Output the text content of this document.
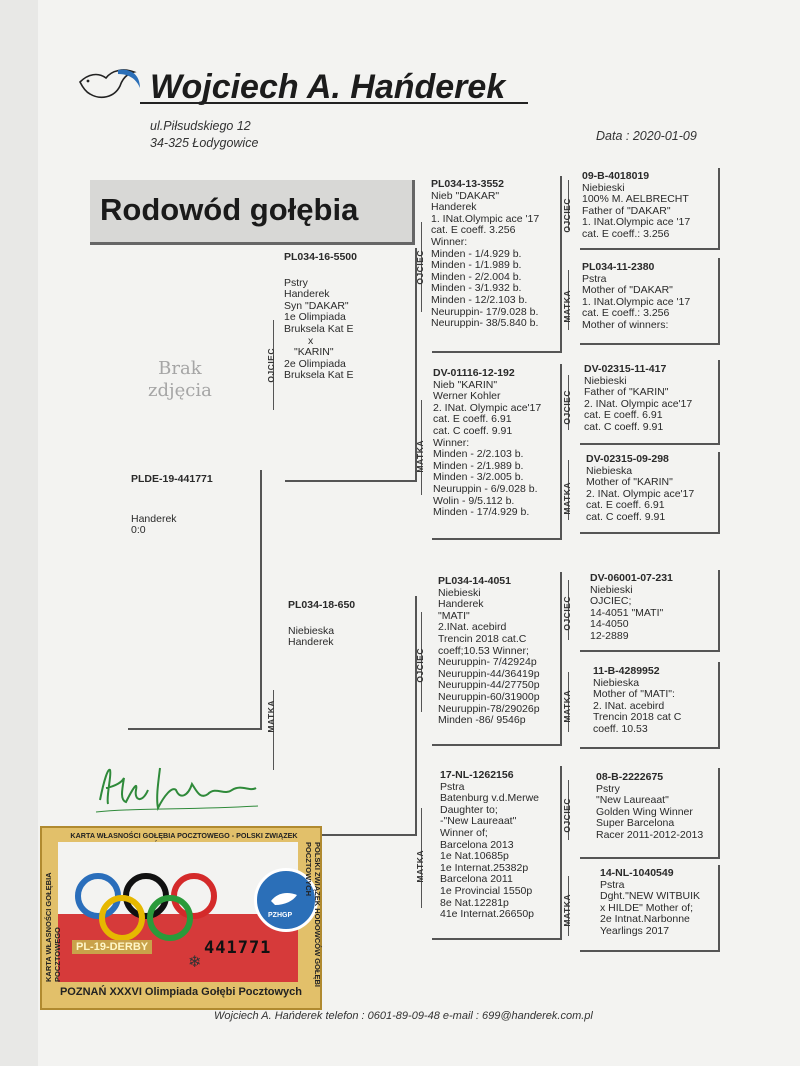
Wojciech A. Hańderek
ul.Piłsudskiego 12
34-325 Łodygowice	Data : 2020-01-09
Rodowód gołębia
Brak
zdjęcia
OJCIEC
MATKA
OJCIEC
MATKA
OJCIEC
MATKA
OJCIEC
MATKA
OJCIEC
MATKA
OJCIEC
MATKA
OJCIEC
MATKA
PLDE-19-441771
Handerek
0:0
PL034-16-5500
Pstry
Handerek
Syn "DAKAR"
1e Olimpiada
Bruksela Kat E
x
"KARIN"
2e Olimpiada
Bruksela Kat E
PL034-18-650
Niebieska
Handerek
PL034-13-3552
Nieb "DAKAR"
Handerek
1. INat.Olympic ace '17
cat. E coeff. 3.256
Winner:
Minden - 1/4.929 b.
Minden - 1/1.989 b.
Minden - 2/2.004 b.
Minden - 3/1.932 b.
Minden - 12/2.103 b.
Neuruppin- 17/9.028 b.
Neuruppin- 38/5.840 b.
DV-01116-12-192
Nieb "KARIN"
Werner Kohler
2. INat. Olympic ace'17
cat. E coeff. 6.91
cat. C coeff. 9.91
Winner:
Minden - 2/2.103 b.
Minden - 2/1.989 b.
Minden - 3/2.005 b.
Neuruppin - 6/9.028 b.
Wolin - 9/5.112 b.
Minden - 17/4.929 b.
PL034-14-4051
Niebieski
Handerek
"MATI"
2.INat. acebird
Trencin 2018 cat.C
coeff;10.53 Winner;
Neuruppin- 7/42924p
Neuruppin-44/36419p
Neuruppin-44/27750p
Neuruppin-60/31900p
Neuruppin-78/29026p
Minden -86/ 9546p
17-NL-1262156
Pstra
Batenburg v.d.Merwe
Daughter to;
-"New Laureaat"
Winner of;
Barcelona 2013
1e Nat.10685p
1e Internat.25382p
Barcelona 2011
1e Provincial 1550p
8e Nat.12281p
41e Internat.26650p
09-B-4018019
Niebieski
100% M. AELBRECHT
Father of "DAKAR"
1. INat.Olympic ace '17
cat. E coeff.: 3.256
PL034-11-2380
Pstra
Mother of "DAKAR"
1. INat.Olympic ace '17
cat. E coeff.: 3.256
Mother of winners:
DV-02315-11-417
Niebieski
Father of "KARIN"
2. INat. Olympic ace'17
cat. E coeff. 6.91
cat. C coeff. 9.91
DV-02315-09-298
Niebieska
Mother of "KARIN"
2. INat. Olympic ace'17
cat. E coeff. 6.91
cat. C coeff. 9.91
DV-06001-07-231
Niebieski
OJCIEC;
14-4051 "MATI"
14-4050
12-2889
11-B-4289952
Niebieska
Mother of "MATI":
2. INat. acebird
Trencin 2018 cat C
coeff. 10.53
08-B-2222675
Pstry
"New Laureaat"
Golden Wing Winner
Super Barcelona
Racer 2011-2012-2013
14-NL-1040549
Pstra
Dght."NEW WITBUIK
x HILDE" Mother of;
2e Intnat.Narbonne
Yearlings 2017
KARTA WŁASNOŚCI GOŁĘBIA POCZTOWEGO - POLSKI ZWIĄZEK
❄
PZHGP
PL-19-DERBY	441771
POZNAŃ XXXVI Olimpiada Gołębi Pocztowych
KARTA WŁASNOŚCI GOŁĘBIA POCZTOWEGO	POLSKI ZWIĄZEK HODOWCÓW GOŁĘBI POCZTOWYCH
Wojciech A. Hańderek telefon : 0601-89-09-48 e-mail : 699@handerek.com.pl
